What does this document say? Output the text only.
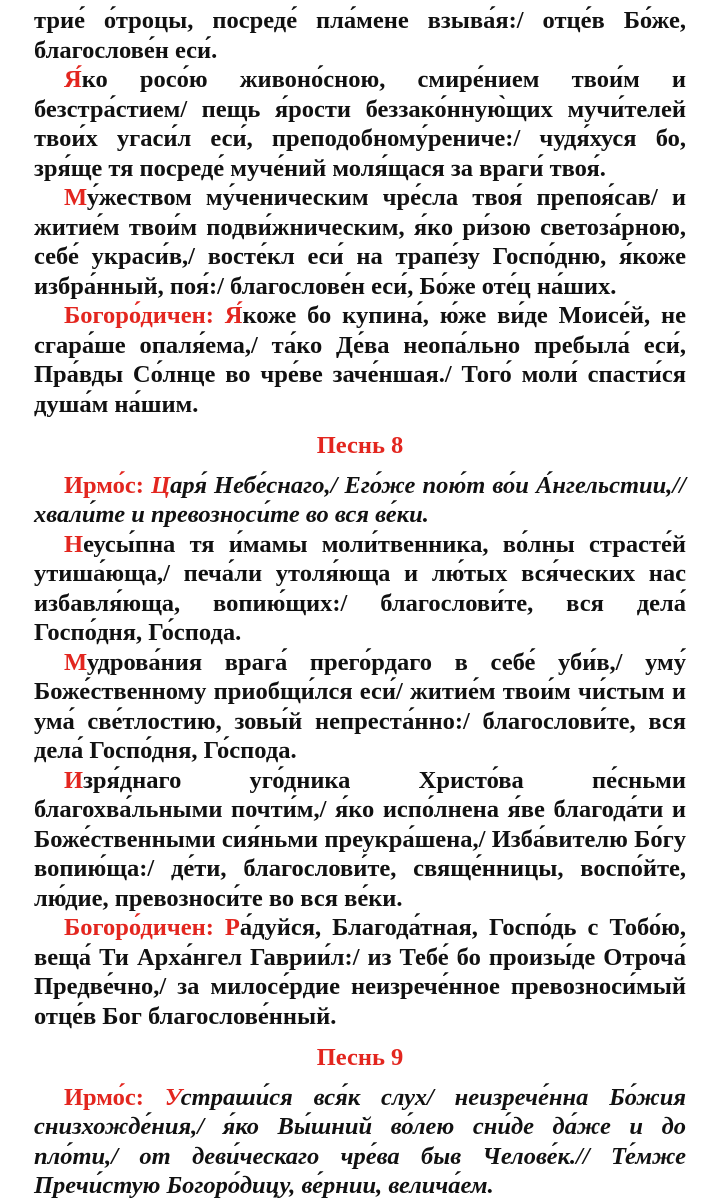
трие́ о́троцы, посреде́ пла́мене взыва́я:/ отце́в Бо́же, благослове́н еси́.

Я́ко росо́ю живоно́сною, смире́нием твои́м и безстра́стием/ пещь я́рости беззако́нную̀щих мучи́телей твои́х угаси́л еси́, преподобному́рениче:/ чудя́хуся бо, зря́ще тя посреде́ муче́ний моля́щася за враги́ твоя́.

Му́жеством му́ченическим чре́сла твоя́ препоя́сав/ и житие́м твои́м подви́жническим, я́ко ри́зою светоза́рною, себе́ украси́в,/ восте́кл еси́ на трапе́зу Госпо́дню, я́коже избра́нный, поя́:/ благослове́н еси́, Бо́же оте́ц на́ших.

Богоро́дичен: Я́коже бо купина́, ю́же ви́де Моисе́й, не сгара́ше опаля́ема,/ та́ко Де́ва неопа́льно пребыла́ еси́, Пра́вды Со́лнце во чре́ве заче́ншая./ Того́ моли́ спасти́ся душа́м на́шим.

Песнь 8

Ирмо́с: Царя́ Небе́снаго,/ Его́же пою́т во́и А́нгельстии,// хвали́те и превозноси́те во вся ве́ки.

Неусы́пна тя и́мамы моли́твенника, во́лны страсте́й утиша́юща,/ печа́ли утоля́юща и лю́тых вся́ческих нас избавля́юща, вопию́щих:/ благослови́те, вся дела́ Госпо́дня, Го́спода.

Мудрова́ния врага́ прего́рдаго в себе́ уби́в,/ уму́ Боже́ственному приобщи́лся еси́/ житие́м твои́м чи́стым и ума́ све́тлостию, зовы́й непреста́нно:/ благослови́те, вся дела́ Госпо́дня, Го́спода.

Изря́днаго уго́дника Христо́ва пе́сньми благохва́льными почти́м,/ я́ко испо́лнена я́ве благода́ти и Боже́ственными сия́ньми преукра́шена,/ Изба́вителю Бо́гу вопию́ща:/ де́ти, благослови́те, свяще́нницы, воспо́йте, лю́дие, превозноси́те во вся ве́ки.

Богоро́дичен: Ра́дуйся, Благода́тная, Госпо́дь с Тобо́ю, веща́ Ти Арха́нгел Гаврии́л:/ из Тебе́ бо произы́де Отроча́ Предве́чно,/ за милосе́рдие неизрече́нное превозноси́мый отце́в Бог благослове́нный.

Песнь 9

Ирмо́с: Устраши́ся вся́к слух/ неизрече́нна Бо́жия снизхожде́ния,/ я́ко Вы́шний во́лею сни́де да́же и до пло́ти,/ от деви́ческаго чре́ва быв Челове́к.// Те́мже Пречи́стую Богоро́дицу, ве́рнии, велича́ем.
